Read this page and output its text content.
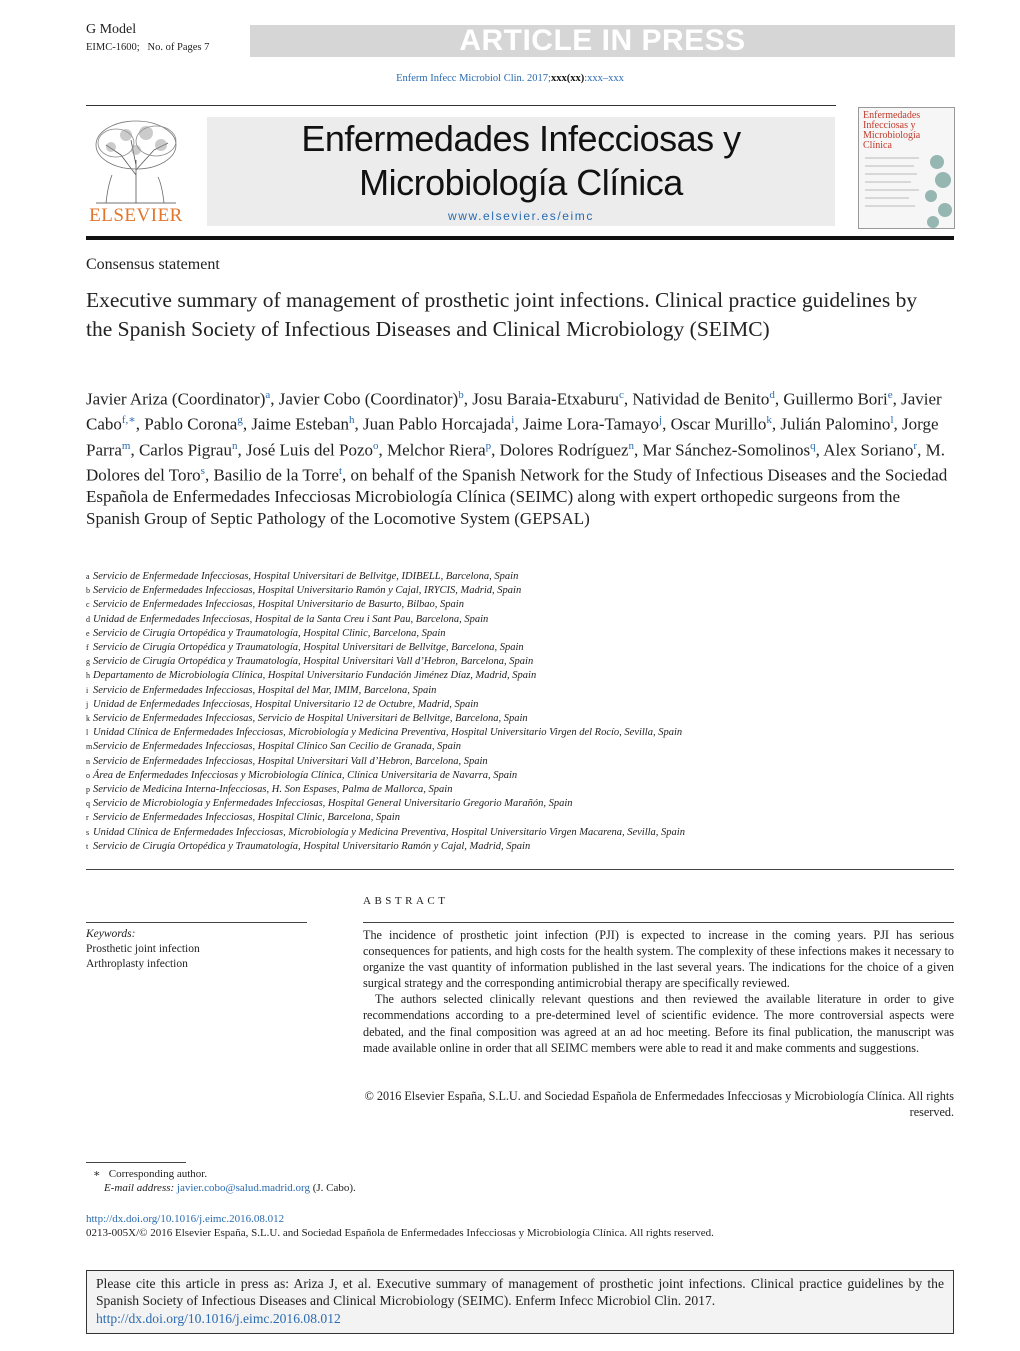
G Model
EIMC-1600; No. of Pages 7	ARTICLE IN PRESS
Enferm Infecc Microbiol Clin. 2017;xxx(xx):xxx–xxx
ELSEVIER
Enfermedades Infecciosas y
Microbiología Clínica
www.elsevier.es/eimc
Enfermedades
Infecciosas y
Microbiología
Clínica
Consensus statement
Executive summary of management of prosthetic joint infections. Clinical practice guidelines by the Spanish Society of Infectious Diseases and Clinical Microbiology (SEIMC)
Javier Ariza (Coordinator)$^a$, Javier Cobo (Coordinator)$^b$, Josu Baraia-Etxaburu$^c$, Natividad de Benito$^d$, Guillermo Bori$^e$, Javier Cabo$^{f,∗}$, Pablo Corona$^g$, Jaime Esteban$^h$, Juan Pablo Horcajada$^i$, Jaime Lora-Tamayo$^j$, Oscar Murillo$^k$, Julián Palomino$^l$, Jorge Parra$^m$, Carlos Pigrau$^n$, José Luis del Pozo$^o$, Melchor Riera$^p$, Dolores Rodríguez$^n$, Mar Sánchez-Somolinos$^q$, Alex Soriano$^r$, M. Dolores del Toro$^s$, Basilio de la Torre$^t$, on behalf of the Spanish Network for the Study of Infectious Diseases and the Sociedad Española de Enfermedades Infecciosas Microbiología Clínica (SEIMC) along with expert orthopedic surgeons from the Spanish Group of Septic Pathology of the Locomotive System (GEPSAL)
a Servicio de Enfermedade Infecciosas, Hospital Universitari de Bellvitge, IDIBELL, Barcelona, Spain
b Servicio de Enfermedades Infecciosas, Hospital Universitario Ramón y Cajal, IRYCIS, Madrid, Spain
c Servicio de Enfermedades Infecciosas, Hospital Universitario de Basurto, Bilbao, Spain
d Unidad de Enfermedades Infecciosas, Hospital de la Santa Creu i Sant Pau, Barcelona, Spain
e Servicio de Cirugía Ortopédica y Traumatología, Hospital Clinic, Barcelona, Spain
f Servicio de Cirugía Ortopédica y Traumatología, Hospital Universitari de Bellvitge, Barcelona, Spain
g Servicio de Cirugía Ortopédica y Traumatología, Hospital Universitari Vall d’Hebron, Barcelona, Spain
h Departamento de Microbiología Clínica, Hospital Universitario Fundación Jiménez Díaz, Madrid, Spain
i Servicio de Enfermedades Infecciosas, Hospital del Mar, IMIM, Barcelona, Spain
j Unidad de Enfermedades Infecciosas, Hospital Universitario 12 de Octubre, Madrid, Spain
k Servicio de Enfermedades Infecciosas, Servicio de Hospital Universitari de Bellvitge, Barcelona, Spain
l Unidad Clínica de Enfermedades Infecciosas, Microbiología y Medicina Preventiva, Hospital Universitario Virgen del Rocío, Sevilla, Spain
mServicio de Enfermedades Infecciosas, Hospital Clínico San Cecilio de Granada, Spain
n Servicio de Enfermedades Infecciosas, Hospital Universitari Vall d’Hebron, Barcelona, Spain
o Área de Enfermedades Infecciosas y Microbiología Clínica, Clínica Universitaria de Navarra, Spain
p Servicio de Medicina Interna-Infecciosas, H. Son Espases, Palma de Mallorca, Spain
q Servicio de Microbiología y Enfermedades Infecciosas, Hospital General Universitario Gregorio Marañón, Spain
r Servicio de Enfermedades Infecciosas, Hospital Clínic, Barcelona, Spain
s Unidad Clínica de Enfermedades Infecciosas, Microbiología y Medicina Preventiva, Hospital Universitario Virgen Macarena, Sevilla, Spain
t Servicio de Cirugía Ortopédica y Traumatología, Hospital Universitario Ramón y Cajal, Madrid, Spain
Keywords:
Prosthetic joint infection
Arthroplasty infection
ABSTRACT

The incidence of prosthetic joint infection (PJI) is expected to increase in the coming years. PJI has serious consequences for patients, and high costs for the health system. The complexity of these infections makes it necessary to organize the vast quantity of information published in the last several years. The indications for the choice of a given surgical strategy and the corresponding antimicrobial therapy are specifically reviewed.

The authors selected clinically relevant questions and then reviewed the available literature in order to give recommendations according to a pre-determined level of scientific evidence. The more controversial aspects were debated, and the final composition was agreed at an ad hoc meeting. Before its final publication, the manuscript was made available online in order that all SEIMC members were able to read it and make comments and suggestions.

© 2016 Elsevier España, S.L.U. and Sociedad Española de Enfermedades Infecciosas y Microbiología Clínica. All rights reserved.
∗ Corresponding author.
E-mail address: javier.cobo@salud.madrid.org (J. Cabo).
http://dx.doi.org/10.1016/j.eimc.2016.08.012
0213-005X/© 2016 Elsevier España, S.L.U. and Sociedad Española de Enfermedades Infecciosas y Microbiología Clínica. All rights reserved.
Please cite this article in press as: Ariza J, et al. Executive summary of management of prosthetic joint infections. Clinical practice guidelines by the Spanish Society of Infectious Diseases and Clinical Microbiology (SEIMC). Enferm Infecc Microbiol Clin. 2017.
http://dx.doi.org/10.1016/j.eimc.2016.08.012
